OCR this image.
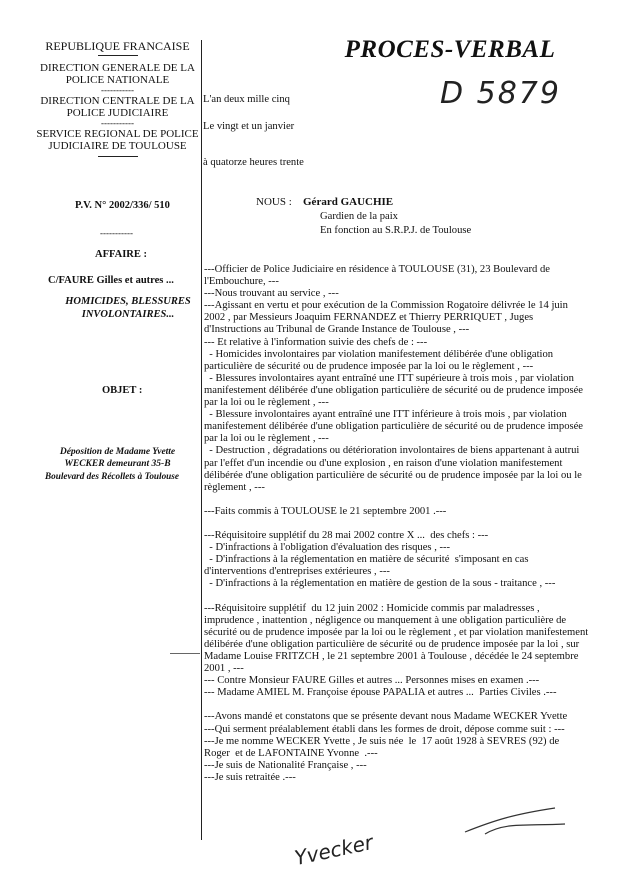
REPUBLIQUE FRANCAISE
DIRECTION GENERALE DE LA
POLICE NATIONALE
-----------
DIRECTION CENTRALE DE LA
POLICE JUDICIAIRE
-----------
SERVICE REGIONAL DE POLICE
JUDICIAIRE DE TOULOUSE
PROCES-VERBAL
D 5879
L'an deux mille cinq
Le vingt et un janvier
à quatorze heures trente
P.V. N° 2002/336/ 510
-----------
NOUS : Gérard GAUCHIE
Gardien de la paix
En fonction au S.R.P.J. de Toulouse
AFFAIRE :
C/FAURE Gilles et autres ...
HOMICIDES, BLESSURES
INVOLONTAIRES...
OBJET :
Déposition de Madame Yvette
WECKER demeurant 35-B
Boulevard des Récollets à Toulouse
---Officier de Police Judiciaire en résidence à TOULOUSE (31), 23 Boulevard de
l'Embouchure, ---
---Nous trouvant au service , ---
---Agissant en vertu et pour exécution de la Commission Rogatoire délivrée le 14 juin
2002 , par Messieurs Joaquim FERNANDEZ et Thierry PERRIQUET , Juges
d'Instructions au Tribunal de Grande Instance de Toulouse , ---
--- Et relative à l'information suivie des chefs de : ---
- Homicides involontaires par violation manifestement délibérée d'une obligation
particulière de sécurité ou de prudence imposée par la loi ou le règlement , ---
- Blessures involontaires ayant entraîné une ITT supérieure à trois mois , par violation
manifestement délibérée d'une obligation particulière de sécurité ou de prudence imposée
par la loi ou le règlement , ---
- Blessure involontaires ayant entraîné une ITT inférieure à trois mois , par violation
manifestement délibérée d'une obligation particulière de sécurité ou de prudence imposée
par la loi ou le règlement , ---
- Destruction , dégradations ou détérioration involontaires de biens appartenant à autrui
par l'effet d'un incendie ou d'une explosion , en raison d'une violation manifestement
délibérée d'une obligation particulière de sécurité ou de prudence imposée par la loi ou le
règlement , ---
---Faits commis à TOULOUSE le 21 septembre 2001 .---
---Réquisitoire supplétif du 28 mai 2002 contre X ...  des chefs : ---
- D'infractions à l'obligation d'évaluation des risques , ---
- D'infractions à la réglementation en matière de sécurité  s'imposant en cas
d'interventions d'entreprises extérieures , ---
- D'infractions à la réglementation en matière de gestion de la sous - traitance , ---
---Réquisitoire supplétif  du 12 juin 2002 : Homicide commis par maladresses ,
imprudence , inattention , négligence ou manquement à une obligation particulière de
sécurité ou de prudence imposée par la loi ou le règlement , et par violation manifestement
délibérée d'une obligation particulière de sécurité ou de prudence imposée par la loi , sur
Madame Louise FRITZCH , le 21 septembre 2001 à Toulouse , décédée le 24 septembre
2001 , ---
--- Contre Monsieur FAURE Gilles et autres ... Personnes mises en examen .---
--- Madame AMIEL M. Françoise épouse PAPALIA et autres ...  Parties Civiles .---
---Avons mandé et constatons que se présente devant nous Madame WECKER Yvette
---Qui serment préalablement établi dans les formes de droit, dépose comme suit : ---
---Je me nomme WECKER Yvette , Je suis née  le  17 août 1928 à SEVRES (92) de
Roger  et de LAFONTAINE Yvonne  .---
---Je suis de Nationalité Française , ---
---Je suis retraitée .---
Yvecker
